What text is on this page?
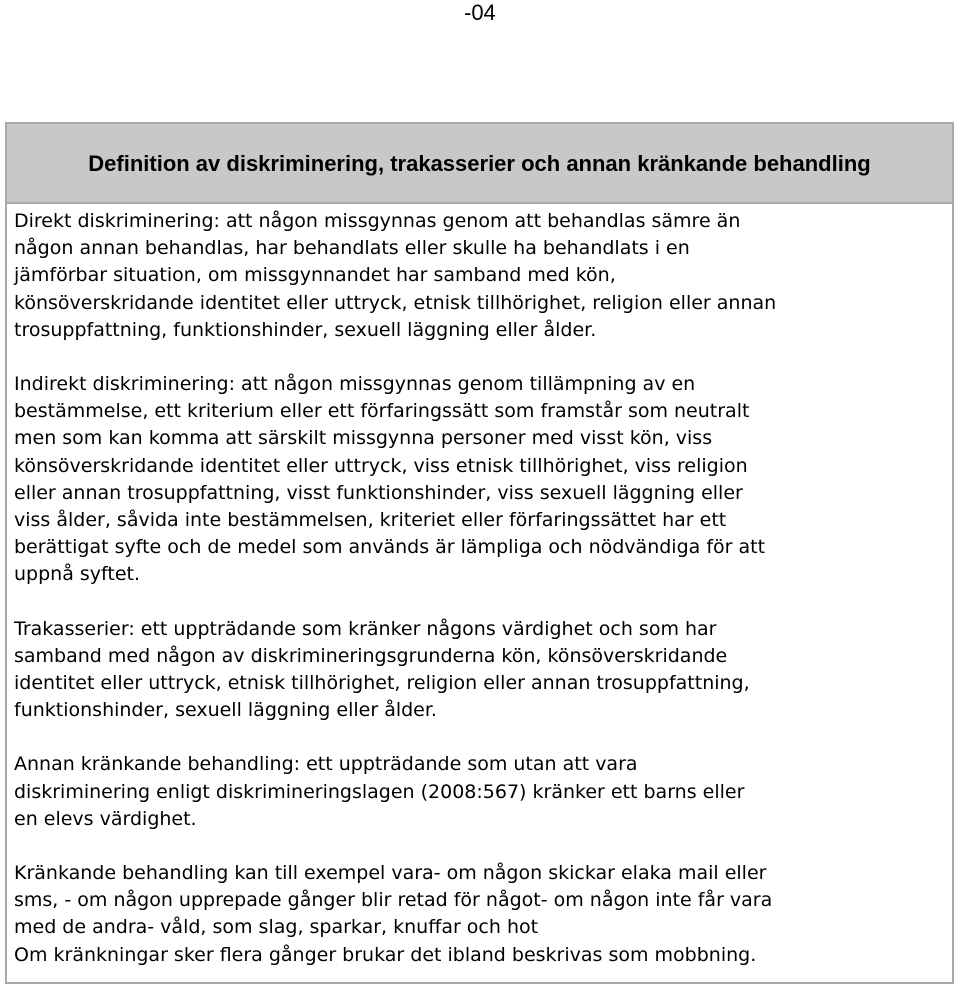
-04
Definition av diskriminering, trakasserier och annan kränkande behandling
Direkt diskriminering: att någon missgynnas genom att behandlas sämre än
någon annan behandlas, har behandlats eller skulle ha behandlats i en
jämförbar situation, om missgynnandet har samband med kön,
könsöverskridande identitet eller uttryck, etnisk tillhörighet, religion eller annan
trosuppfattning, funktionshinder, sexuell läggning eller ålder.
Indirekt diskriminering: att någon missgynnas genom tillämpning av en
bestämmelse, ett kriterium eller ett förfaringssätt som framstår som neutralt
men som kan komma att särskilt missgynna personer med visst kön, viss
könsöverskridande identitet eller uttryck, viss etnisk tillhörighet, viss religion
eller annan trosuppfattning, visst funktionshinder, viss sexuell läggning eller
viss ålder, såvida inte bestämmelsen, kriteriet eller förfaringssättet har ett
berättigat syfte och de medel som används är lämpliga och nödvändiga för att
uppnå syftet.
Trakasserier: ett uppträdande som kränker någons värdighet och som har
samband med någon av diskrimineringsgrunderna kön, könsöverskridande
identitet eller uttryck, etnisk tillhörighet, religion eller annan trosuppfattning,
funktionshinder, sexuell läggning eller ålder.
Annan kränkande behandling: ett uppträdande som utan att vara
diskriminering enligt diskrimineringslagen (2008:567) kränker ett barns eller
en elevs värdighet.
Kränkande behandling kan till exempel vara- om någon skickar elaka mail eller
sms, - om någon upprepade gånger blir retad för något- om någon inte får vara
med de andra- våld, som slag, sparkar, knuffar och hot
Om kränkningar sker flera gånger brukar det ibland beskrivas som mobbning.
